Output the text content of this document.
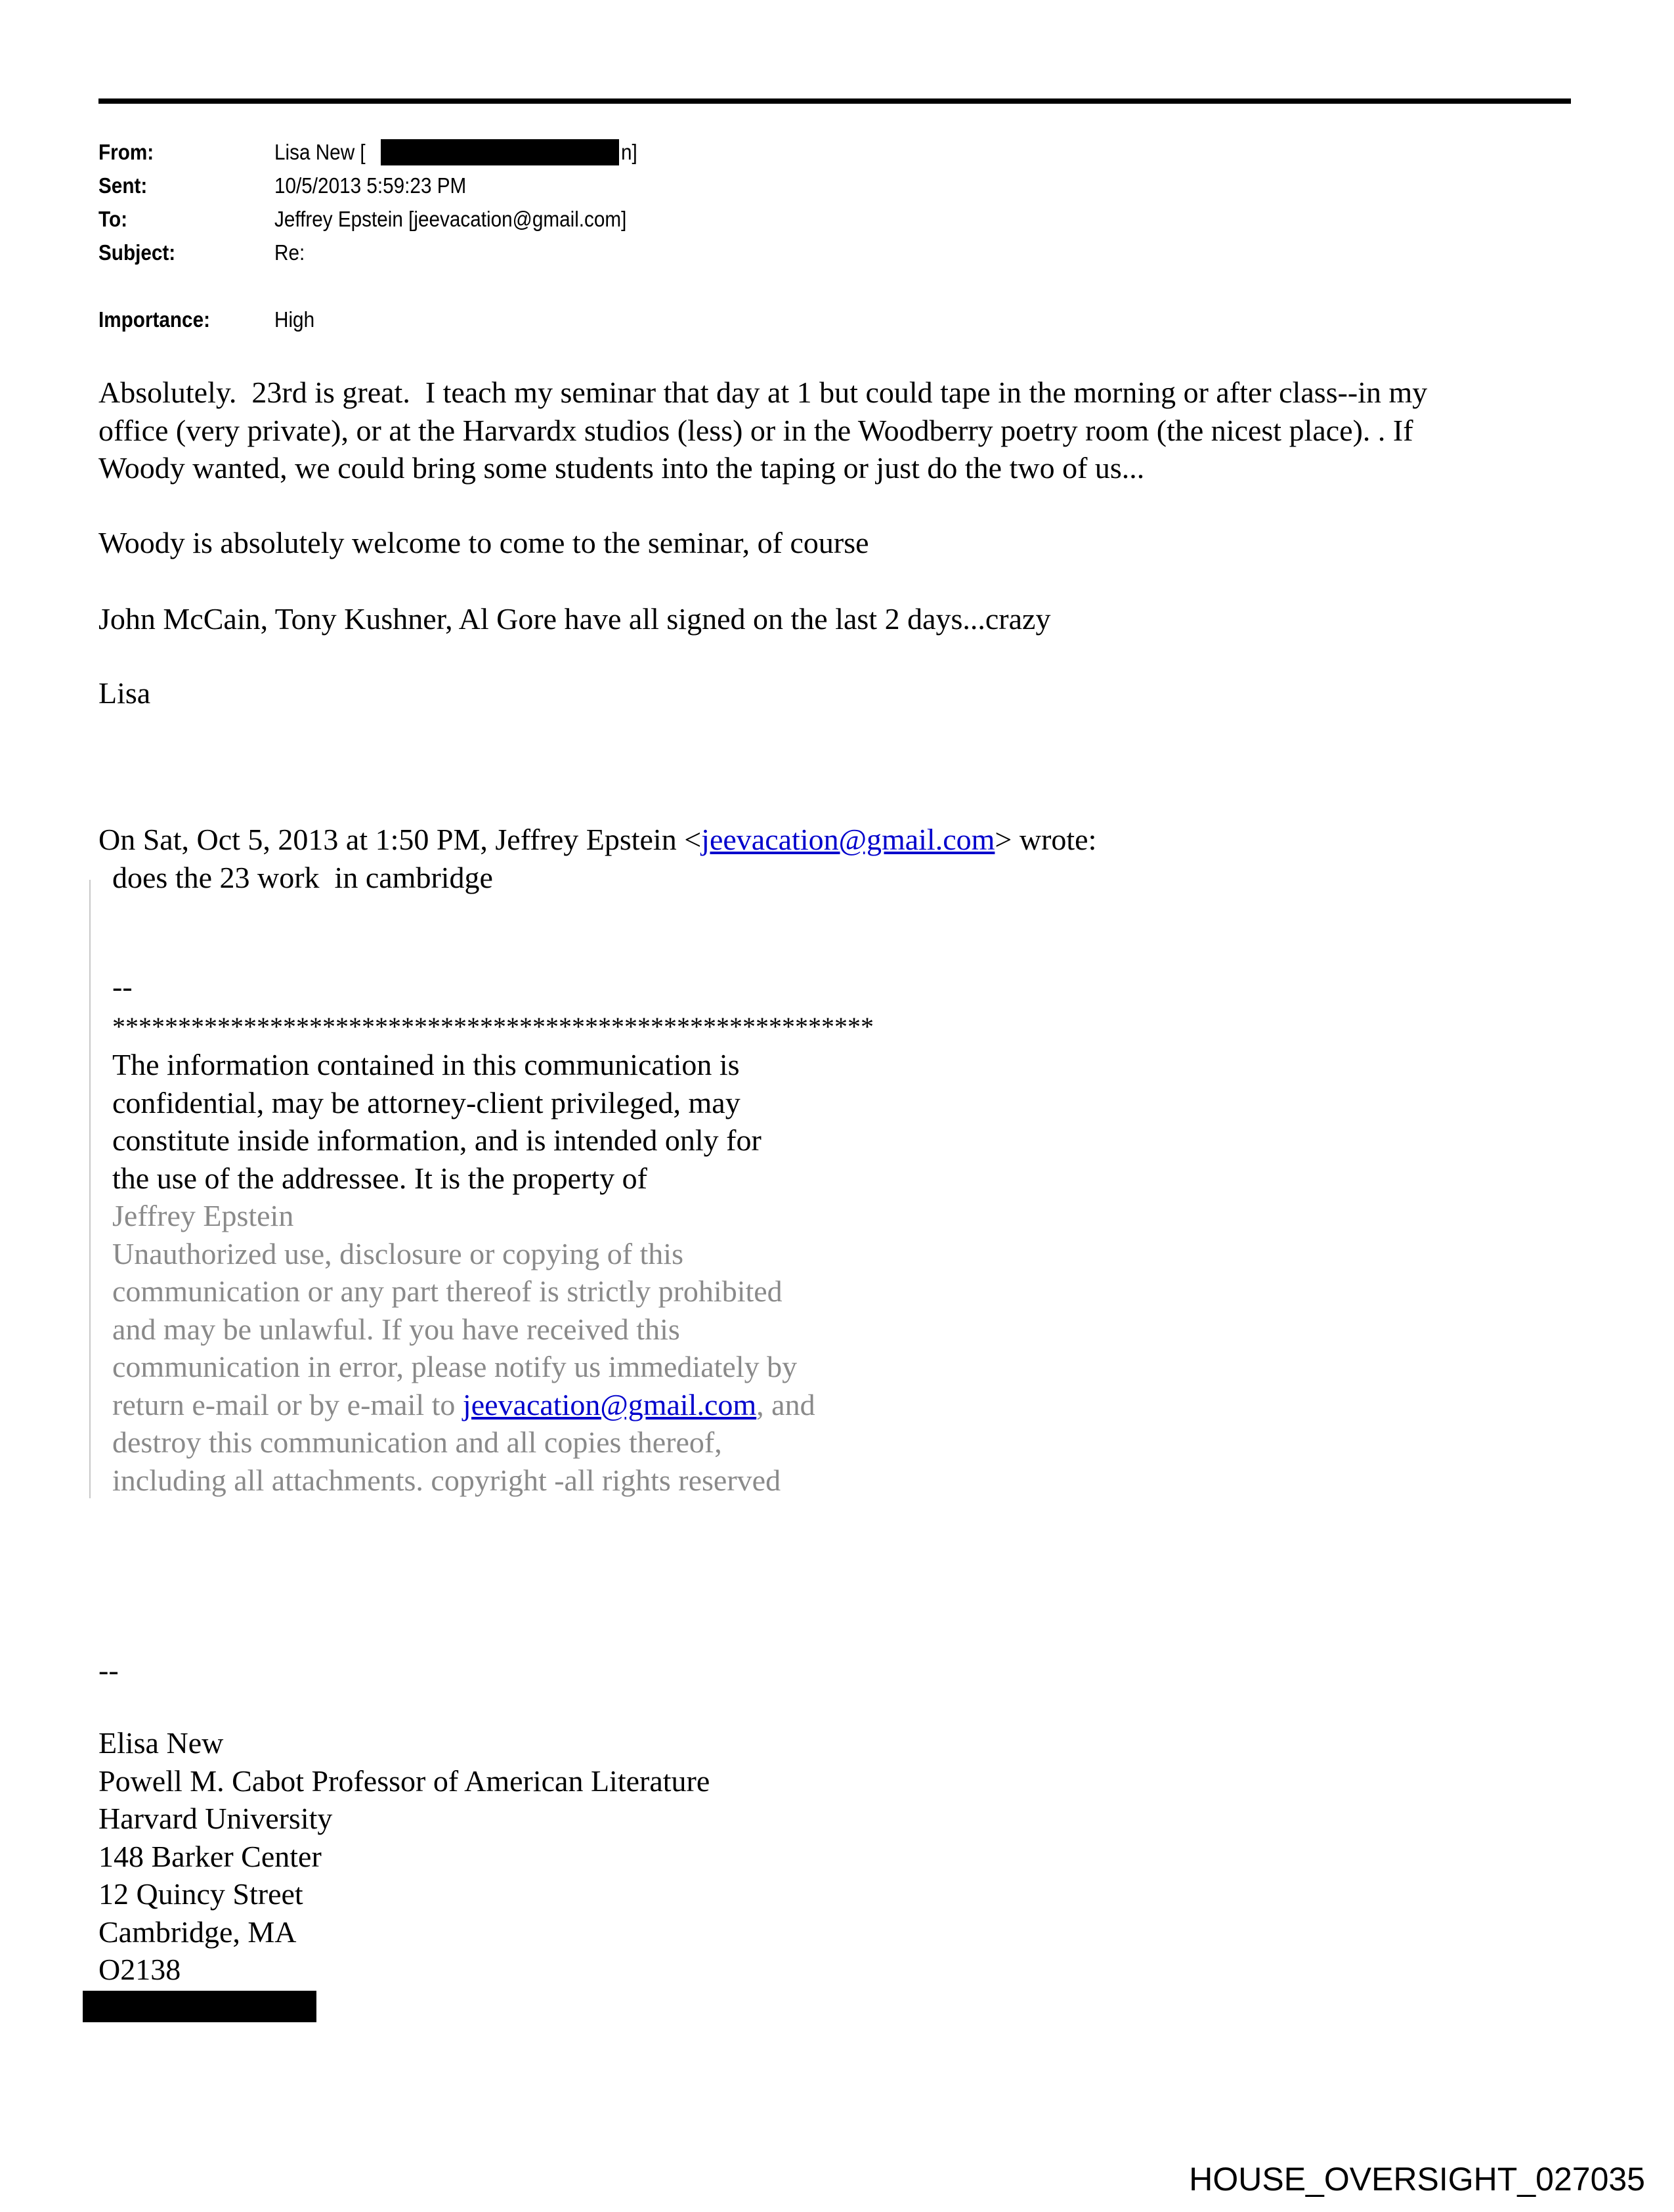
From:	Lisa New [	n]
Sent:	10/5/2013 5:59:23 PM
To:	Jeffrey Epstein [jeevacation@gmail.com]
Subject:	Re:
Importance:	High
Absolutely.  23rd is great.  I teach my seminar that day at 1 but could tape in the morning or after class--in my
office (very private), or at the Harvardx studios (less) or in the Woodberry poetry room (the nicest place). . If
Woody wanted, we could bring some students into the taping or just do the two of us...
Woody is absolutely welcome to come to the seminar, of course
John McCain, Tony Kushner, Al Gore have all signed on the last 2 days...crazy
Lisa
On Sat, Oct 5, 2013 at 1:50 PM, Jeffrey Epstein <jeevacation@gmail.com> wrote:
does the 23 work  in cambridge
--
**********************************************************
The information contained in this communication is
confidential, may be attorney-client privileged, may
constitute inside information, and is intended only for
the use of the addressee. It is the property of
Jeffrey Epstein
Unauthorized use, disclosure or copying of this
communication or any part thereof is strictly prohibited
and may be unlawful. If you have received this
communication in error, please notify us immediately by
return e-mail or by e-mail to jeevacation@gmail.com, and
destroy this communication and all copies thereof,
including all attachments. copyright -all rights reserved
--
Elisa New
Powell M. Cabot Professor of American Literature
Harvard University
148 Barker Center
12 Quincy Street
Cambridge, MA
O2138
HOUSE_OVERSIGHT_027035
